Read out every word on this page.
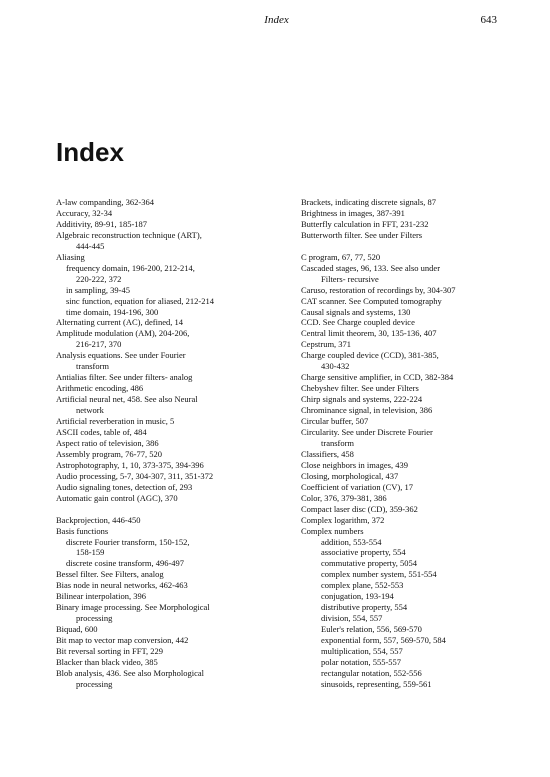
Index	643
Index
A-law companding, 362-364
Accuracy, 32-34
Additivity, 89-91, 185-187
Algebraic reconstruction technique (ART),
444-445
Aliasing
frequency domain, 196-200, 212-214,
220-222, 372
in sampling, 39-45
sinc function, equation for aliased, 212-214
time domain, 194-196, 300
Alternating current (AC), defined, 14
Amplitude modulation (AM), 204-206,
216-217, 370
Analysis equations. See under Fourier
transform
Antialias filter. See under filters- analog
Arithmetic encoding, 486
Artificial neural net, 458. See also Neural
network
Artificial reverberation in music, 5
ASCII codes, table of, 484
Aspect ratio of television, 386
Assembly program, 76-77, 520
Astrophotography, 1, 10, 373-375, 394-396
Audio processing, 5-7, 304-307, 311, 351-372
Audio signaling tones, detection of, 293
Automatic gain control (AGC), 370
Backprojection, 446-450
Basis functions
discrete Fourier transform, 150-152,
158-159
discrete cosine transform, 496-497
Bessel filter. See Filters, analog
Bias node in neural networks, 462-463
Bilinear interpolation, 396
Binary image processing. See Morphological
processing
Biquad, 600
Bit map to vector map conversion, 442
Bit reversal sorting in FFT, 229
Blacker than black video, 385
Blob analysis, 436. See also Morphological
processing
Brackets, indicating discrete signals, 87
Brightness in images, 387-391
Butterfly calculation in FFT, 231-232
Butterworth filter. See under Filters
C program, 67, 77, 520
Cascaded stages, 96, 133. See also under
Filters- recursive
Caruso, restoration of recordings by, 304-307
CAT scanner. See Computed tomography
Causal signals and systems, 130
CCD. See Charge coupled device
Central limit theorem, 30, 135-136, 407
Cepstrum, 371
Charge coupled device (CCD), 381-385,
430-432
Charge sensitive amplifier, in CCD, 382-384
Chebyshev filter. See under Filters
Chirp signals and systems, 222-224
Chrominance signal, in television, 386
Circular buffer, 507
Circularity. See under Discrete Fourier
transform
Classifiers, 458
Close neighbors in images, 439
Closing, morphological, 437
Coefficient of variation (CV), 17
Color, 376, 379-381, 386
Compact laser disc (CD), 359-362
Complex logarithm, 372
Complex numbers
addition, 553-554
associative property, 554
commutative property, 5054
complex number system, 551-554
complex plane, 552-553
conjugation, 193-194
distributive property, 554
division, 554, 557
Euler's relation, 556, 569-570
exponential form, 557, 569-570, 584
multiplication, 554, 557
polar notation, 555-557
rectangular notation, 552-556
sinusoids, representing, 559-561
